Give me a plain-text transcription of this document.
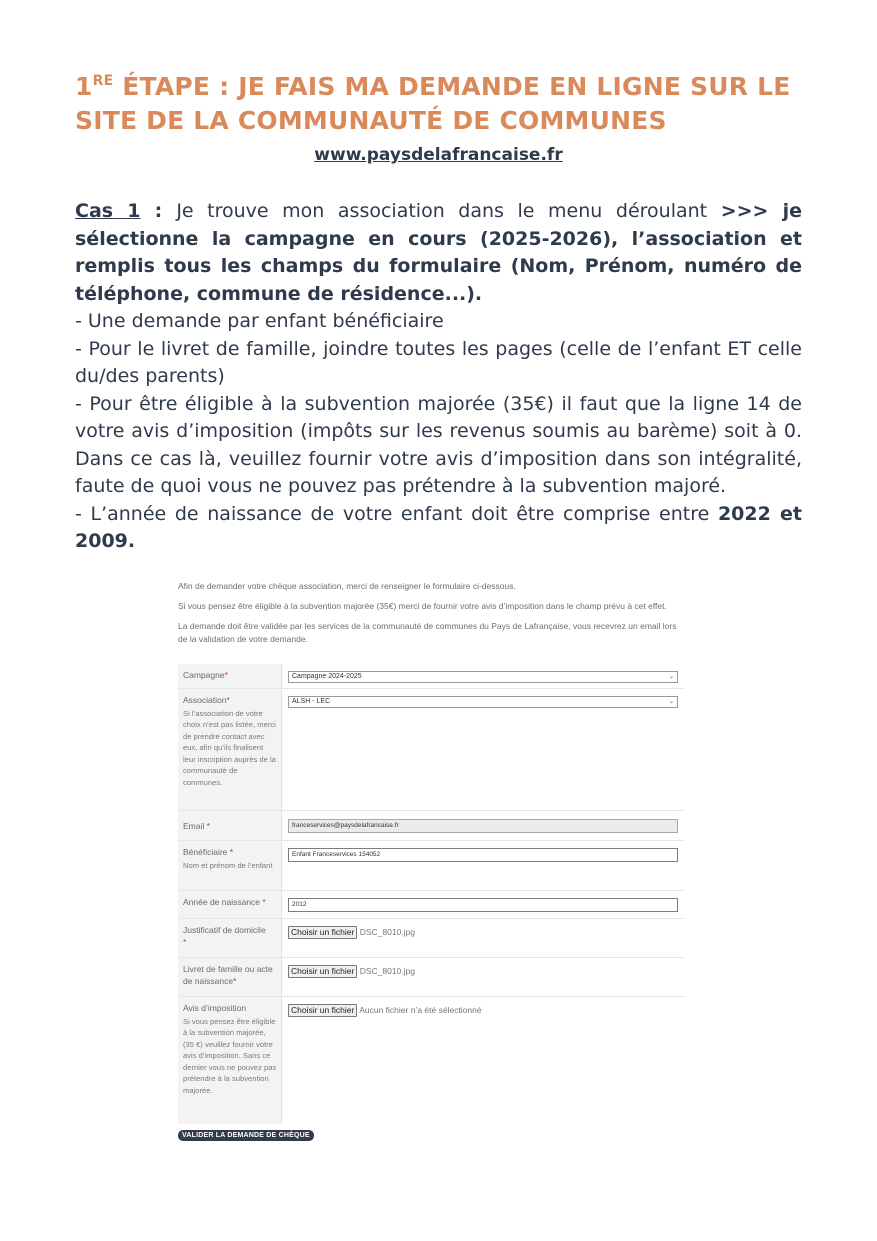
1RE ÉTAPE : JE FAIS MA DEMANDE EN LIGNE SUR LE
SITE DE LA COMMUNAUTÉ DE COMMUNES
www.paysdelafrancaise.fr

Cas 1 : Je trouve mon association dans le menu déroulant >>> je sélectionne la campagne en cours (2025-2026), l’association et remplis tous les champs du formulaire (Nom, Prénom, numéro de téléphone, commune de résidence...).

- Une demande par enfant bénéficiaire

- Pour le livret de famille, joindre toutes les pages (celle de l’enfant ET celle du/des parents)

- Pour être éligible à la subvention majorée (35€) il faut que la ligne 14 de votre avis d’imposition (impôts sur les revenus soumis au barème) soit à 0. Dans ce cas là, veuillez fournir votre avis d’imposition dans son intégralité, faute de quoi vous ne pouvez pas prétendre à la subvention majoré.

- L’année de naissance de votre enfant doit être comprise entre 2022 et 2009.

Afin de demander votre chèque association, merci de renseigner le formulaire ci-dessous.

Si vous pensez être éligible à la subvention majorée (35€) merci de fournir votre avis d’imposition dans le champ prévu à cet effet.

La demande doit être validée par les services de la communauté de communes du Pays de Lafrançaise, vous recevrez un email lors de la validation de votre demande.

Campagne*	Campagne 2024-2025 ⌄

Association*
Si l’association de votre choix n’est pas listée, merci de prendre contact avec eux, afin qu’ils finalisent leur inscription auprès de la communauté de communes.	ALSH - LEC ⌄

Email *	franceservices@paysdelafrancaise.fr

Bénéficiaire *
Nom et prénom de l’enfant	Enfant Franceservices 154052

Année de naissance *	2012

Justificatif de domicile
*	Choisir un fichier DSC_8010.jpg

Livret de famille ou acte de naissance*	Choisir un fichier DSC_8010.jpg

Avis d’imposition
Si vous pensez être éligible à la subvention majorée, (35 €) veuillez fournir votre avis d’imposition. Sans ce dernier vous ne pouvez pas prétendre à la subvention majorée.	Choisir un fichier Aucun fichier n’a été sélectionné
VALIDER LA DEMANDE DE CHÈQUE
